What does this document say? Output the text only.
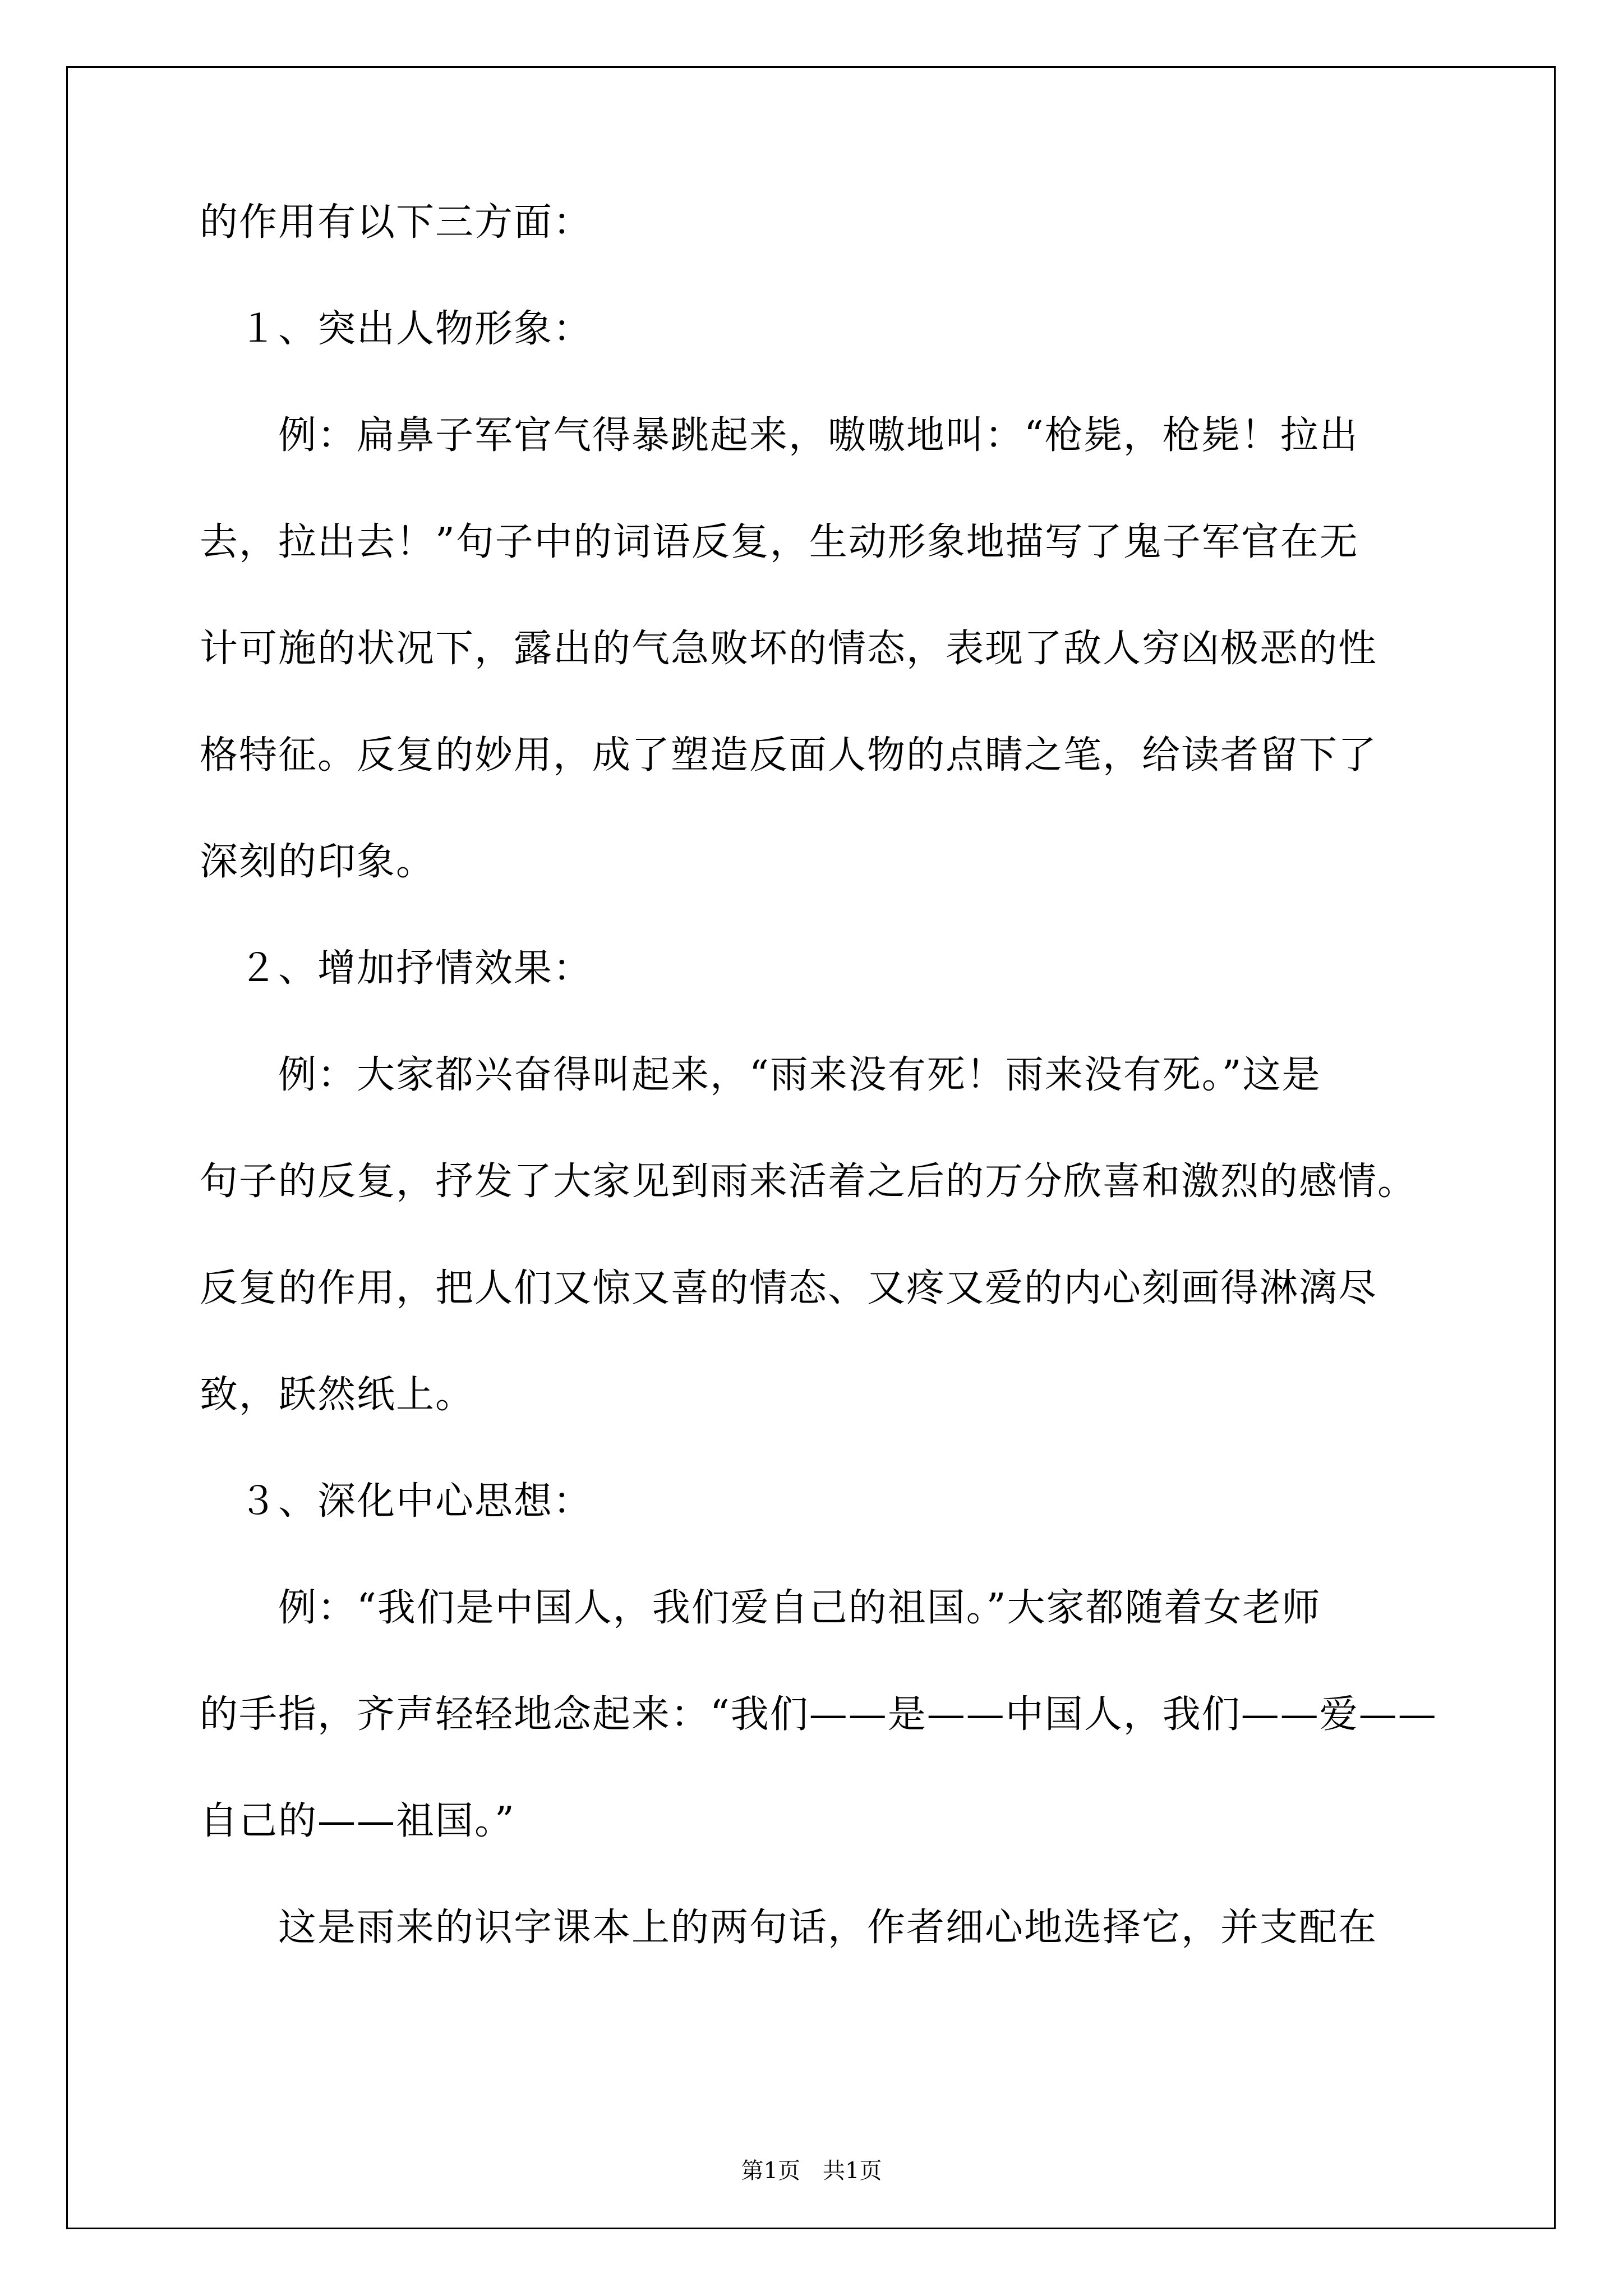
的作用有以下三方面：
　１、突出人物形象：
　　例：扁鼻子军官气得暴跳起来，嗷嗷地叫：“枪毙，枪毙！拉出
去，拉出去！”句子中的词语反复，生动形象地描写了鬼子军官在无
计可施的状况下，露出的气急败坏的情态，表现了敌人穷凶极恶的性
格特征。反复的妙用，成了塑造反面人物的点睛之笔，给读者留下了
深刻的印象。
　２、增加抒情效果：
　　例：大家都兴奋得叫起来，“雨来没有死！雨来没有死。”这是
句子的反复，抒发了大家见到雨来活着之后的万分欣喜和激烈的感情。
反复的作用，把人们又惊又喜的情态、又疼又爱的内心刻画得淋漓尽
致，跃然纸上。
　３、深化中心思想：
　　例：“我们是中国人，我们爱自己的祖国。”大家都随着女老师
的手指，齐声轻轻地念起来：“我们——是——中国人，我们——爱——
自己的——祖国。”
　　这是雨来的识字课本上的两句话，作者细心地选择它，并支配在
第1页　共1页
